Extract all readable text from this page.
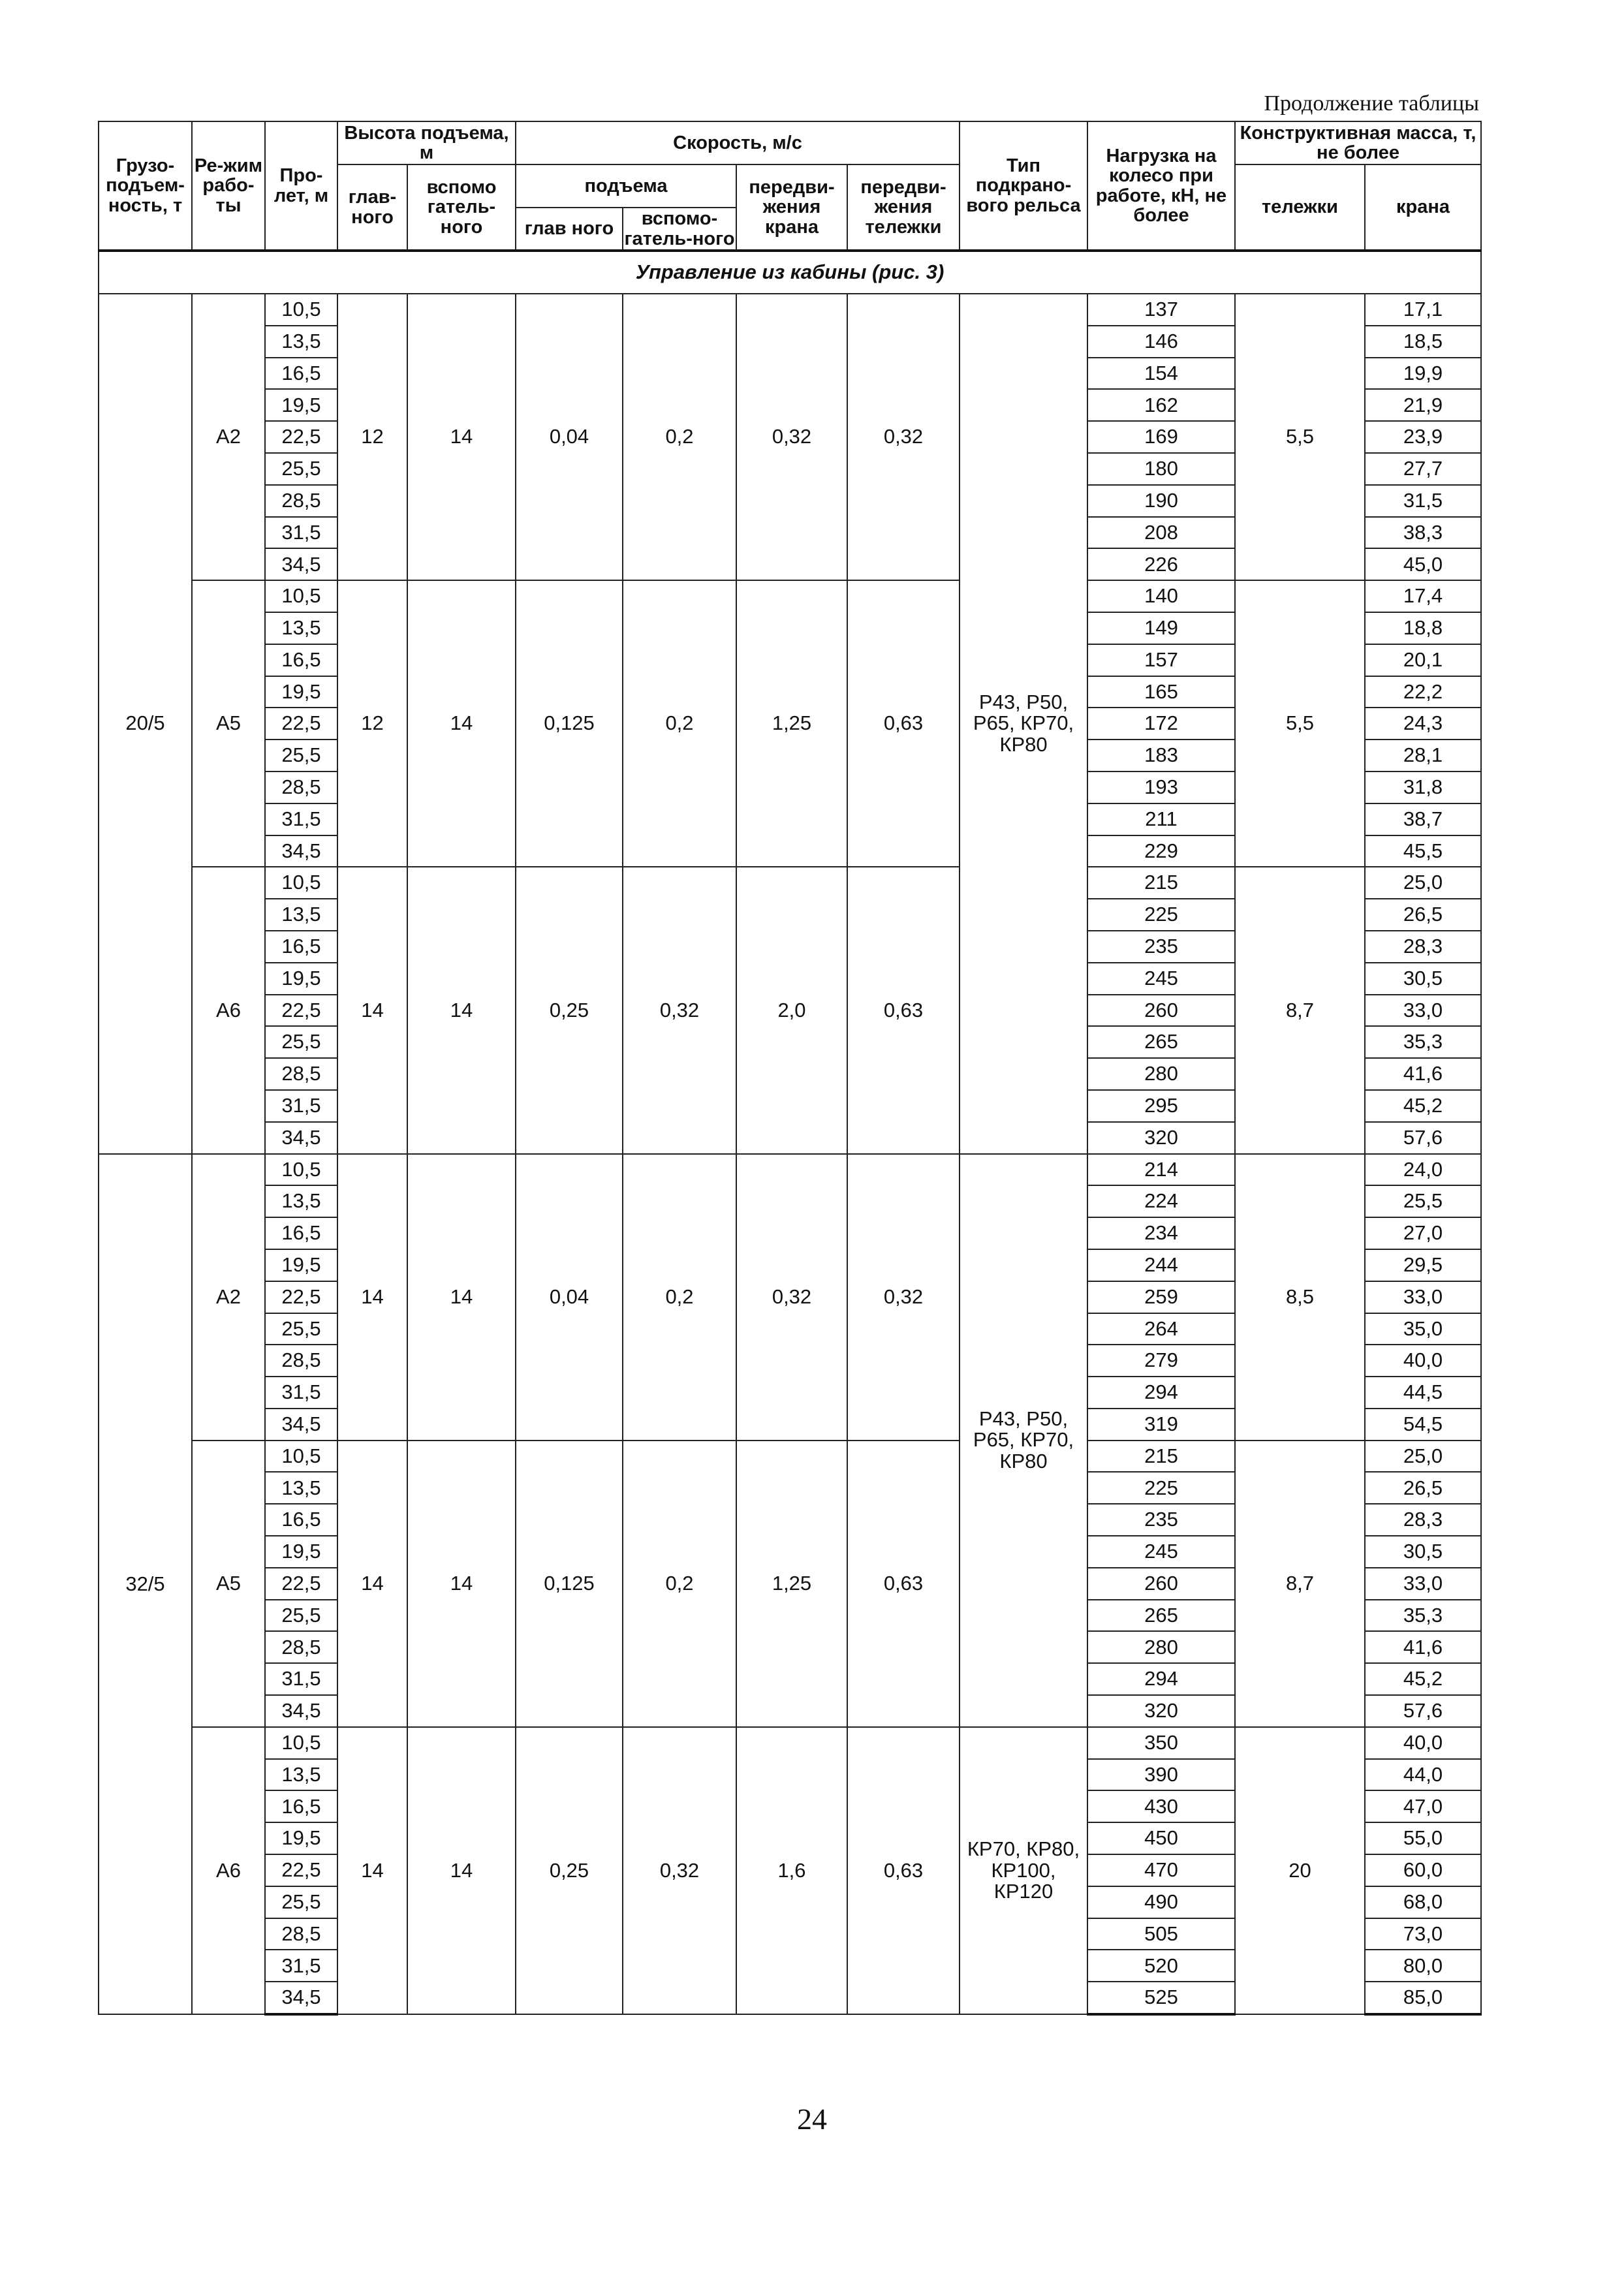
Продолжение таблицы
Грузо-подъем-ность, т	Ре-жим рабо-ты	Про-лет, м	Высота подъема, м		Скорость, м/с				Тип подкрано-вого рельса	Нагрузка на колесо при работе, кН, не более	Конструктивная масса, т, не более	
			глав-ного	вспомо гатель-ного	подъема		передви-жения крана	передви-жения тележки			тележки	крана
					глав ного	вспомо-гатель-ного						
Управление из кабины (рис. 3)												
20/5	А2	10,5	12	14	0,04	0,2	0,32	0,32	Р43, Р50, Р65, КР70, КР80	137	5,5	17,1
		13,5								146		18,5
		16,5								154		19,9
		19,5								162		21,9
		22,5								169		23,9
		25,5								180		27,7
		28,5								190		31,5
		31,5								208		38,3
		34,5								226		45,0
	А5	10,5	12	14	0,125	0,2	1,25	0,63		140	5,5	17,4
		13,5								149		18,8
		16,5								157		20,1
		19,5								165		22,2
		22,5								172		24,3
		25,5								183		28,1
		28,5								193		31,8
		31,5								211		38,7
		34,5								229		45,5
	А6	10,5	14	14	0,25	0,32	2,0	0,63		215	8,7	25,0
		13,5								225		26,5
		16,5								235		28,3
		19,5								245		30,5
		22,5								260		33,0
		25,5								265		35,3
		28,5								280		41,6
		31,5								295		45,2
		34,5								320		57,6
32/5	А2	10,5	14	14	0,04	0,2	0,32	0,32	Р43, Р50, Р65, КР70, КР80	214	8,5	24,0
		13,5								224		25,5
		16,5								234		27,0
		19,5								244		29,5
		22,5								259		33,0
		25,5								264		35,0
		28,5								279		40,0
		31,5								294		44,5
		34,5								319		54,5
	А5	10,5	14	14	0,125	0,2	1,25	0,63		215	8,7	25,0
		13,5								225		26,5
		16,5								235		28,3
		19,5								245		30,5
		22,5								260		33,0
		25,5								265		35,3
		28,5								280		41,6
		31,5								294		45,2
		34,5								320		57,6
	А6	10,5	14	14	0,25	0,32	1,6	0,63	КР70, КР80, КР100, КР120	350	20	40,0
		13,5								390		44,0
		16,5								430		47,0
		19,5								450		55,0
		22,5								470		60,0
		25,5								490		68,0
		28,5								505		73,0
		31,5								520		80,0
		34,5								525		85,0
24
